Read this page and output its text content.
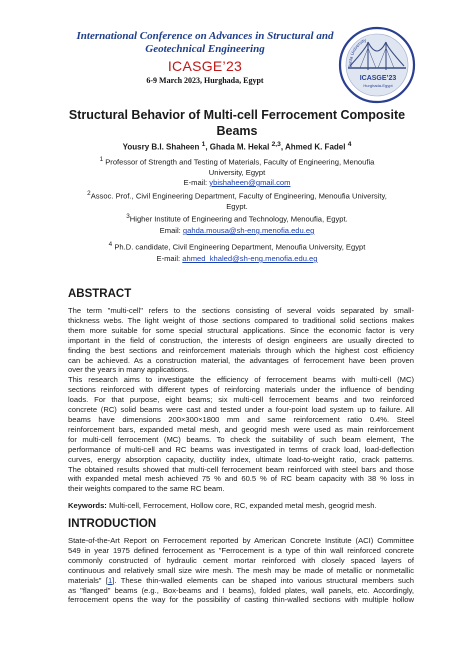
International Conference on Advances in Structural and
Geotechnical Engineering
ICASGE’23
6-9 March 2023, Hurghada, Egypt
Tanta University
ICASGE’23
Hurghada-Egypt
Structural Behavior of Multi-cell Ferrocement Composite
Beams
Yousry B.I. Shaheen $^1$, Ghada M. Hekal $^{2,3}$, Ahmed K. Fadel $^4$
$^1$ Professor of Strength and Testing of Materials, Faculty of Engineering, Menoufia
University, Egypt
E-mail: ybishaheen@gmail.com
$^2$Assoc. Prof., Civil Engineering Department, Faculty of Engineering, Menoufia University,
Egypt.
$^3$Higher Institute of Engineering and Technology, Menoufia, Egypt.
Email: gahda.mousa@sh-eng.menofia.edu.eg
$^4$ Ph.D. candidate, Civil Engineering Department, Menoufia University, Egypt
E-mail: ahmed_khaled@sh-eng.menofia.edu.eg
ABSTRACT
The term "multi-cell" refers to the sections consisting of several voids separated by small-
thickness webs. The light weight of those sections compared to traditional solid sections makes
them more suitable for some special structural applications. Since the economic factor is very
important in the field of construction, the interests of design engineers are usually directed to
finding the best sections and reinforcement materials through which the highest cost efficiency
can be achieved. As a construction material, the advantages of ferrocement have been proven
over the years in many applications.
This research aims to investigate the efficiency of ferrocement beams with multi-cell (MC)
sections reinforced with different types of reinforcing materials under the influence of bending
loads. For that purpose, eight beams; six multi-cell ferrocement beams and two reinforced
concrete (RC) solid beams were cast and tested under a four-point load system up to failure. All
beams have dimensions 200×300×1800 mm and same reinforcement ratio 0.4%. Steel
reinforcement bars, expanded metal mesh, and geogrid mesh were used as main reinforcement
for multi-cell ferrocement (MC) beams. To check the suitability of such beam element, The
performance of multi-cell and RC beams was investigated in terms of crack load, load-deflection
curves, energy absorption capacity, ductility index, ultimate load-to-weight ratio, crack patterns.
The obtained results showed that multi-cell ferrocement beam reinforced with steel bars and those
with expanded metal mesh achieved 75 % and 60.5 % of RC beam capacity with 38 % loss in
their weights compared to the same RC beam.
Keywords: Multi-cell, Ferrocement, Hollow core, RC, expanded metal mesh, geogrid mesh.
INTRODUCTION
State-of-the-Art Report on Ferrocement reported by American Concrete Institute (ACI) Committee
549 in year 1975 defined ferrocement as "Ferrocement is a type of thin wall reinforced concrete
commonly constructed of hydraulic cement mortar reinforced with closely spaced layers of
continuous and relatively small size wire mesh. The mesh may be made of metallic or nonmetallic
materials" [1]. These thin-walled elements can be shaped into various structural members such
as "flanged" beams (e.g., Box-beams and I beams), folded plates, wall panels, etc. Accordingly,
ferrocement opens the way for the possibility of casting thin-walled sections with multiple hollow
